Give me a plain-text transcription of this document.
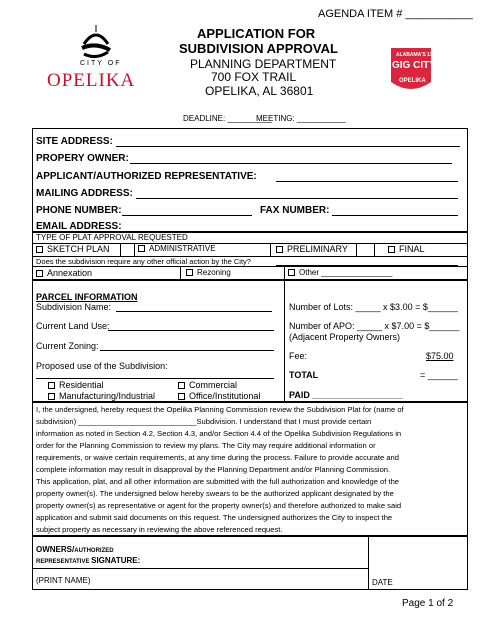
AGENDA ITEM # ___________
CITY OF
OPELIKA
APPLICATION FOR
SUBDIVISION APPROVAL
PLANNING DEPARTMENT
700 FOX TRAIL
OPELIKA, AL 36801
ALABAMA'S 1ST
GIG CITY
OPELIKA
DEADLINE: __________
MEETING: ___________
SITE ADDRESS:
PROPERY OWNER:
APPLICANT/AUTHORIZED REPRESENTATIVE:
MAILING ADDRESS:
PHONE NUMBER:	FAX NUMBER:
EMAIL ADDRESS:
TYPE OF PLAT APPROVAL REQUESTED
SKETCH PLAN	ADMINISTRATIVE	PRELIMINARY	FINAL
Does the subdivision require any other official action by the City?
Annexation	Rezoning	Other ________________
PARCEL INFORMATION
Subdivision Name:
Current Land Use:
Current Zoning:
Proposed use of the Subdivision:
Residential	Commercial
Manufacturing/Industrial	Office/Institutional
Number of Lots: _____ x $3.00 = $______
Number of APO: _____ x $7.00 = $______
(Adjacent Property Owners)
Fee:	$75.00
TOTAL	= ______
PAID __________________
I, the undersigned, hereby request the Opelika Planning Commission review the Subdivision Plat for (name of
subdivision) ____________________________Subdivision. I understand that I must provide certain
information as noted in Section 4.2, Section 4.3, and/or Section 4.4 of the Opelika Subdivision Regulations in
order for the Planning Commission to review my plans. The City may require additional information or
requirements, or waive certain requirements, at any time during the process. Failure to provide accurate and
complete information may result in disapproval by the Planning Department and/or Planning Commission.
This application, plat, and all other information are submitted with the full authorization and knowledge of the
property owner(s). The undersigned below hereby swears to be the authorized applicant designated by the
property owner(s) as representative or agent for the property owner(s) and therefore authorized to make said
application and submit said documents on this request. The undersigned authorizes the City to inspect the
subject property as necessary in reviewing the above referenced request.
OWNERS/AUTHORIZED
REPRESENTATIVE SIGNATURE:
(PRINT NAME)	DATE
Page 1 of 2
